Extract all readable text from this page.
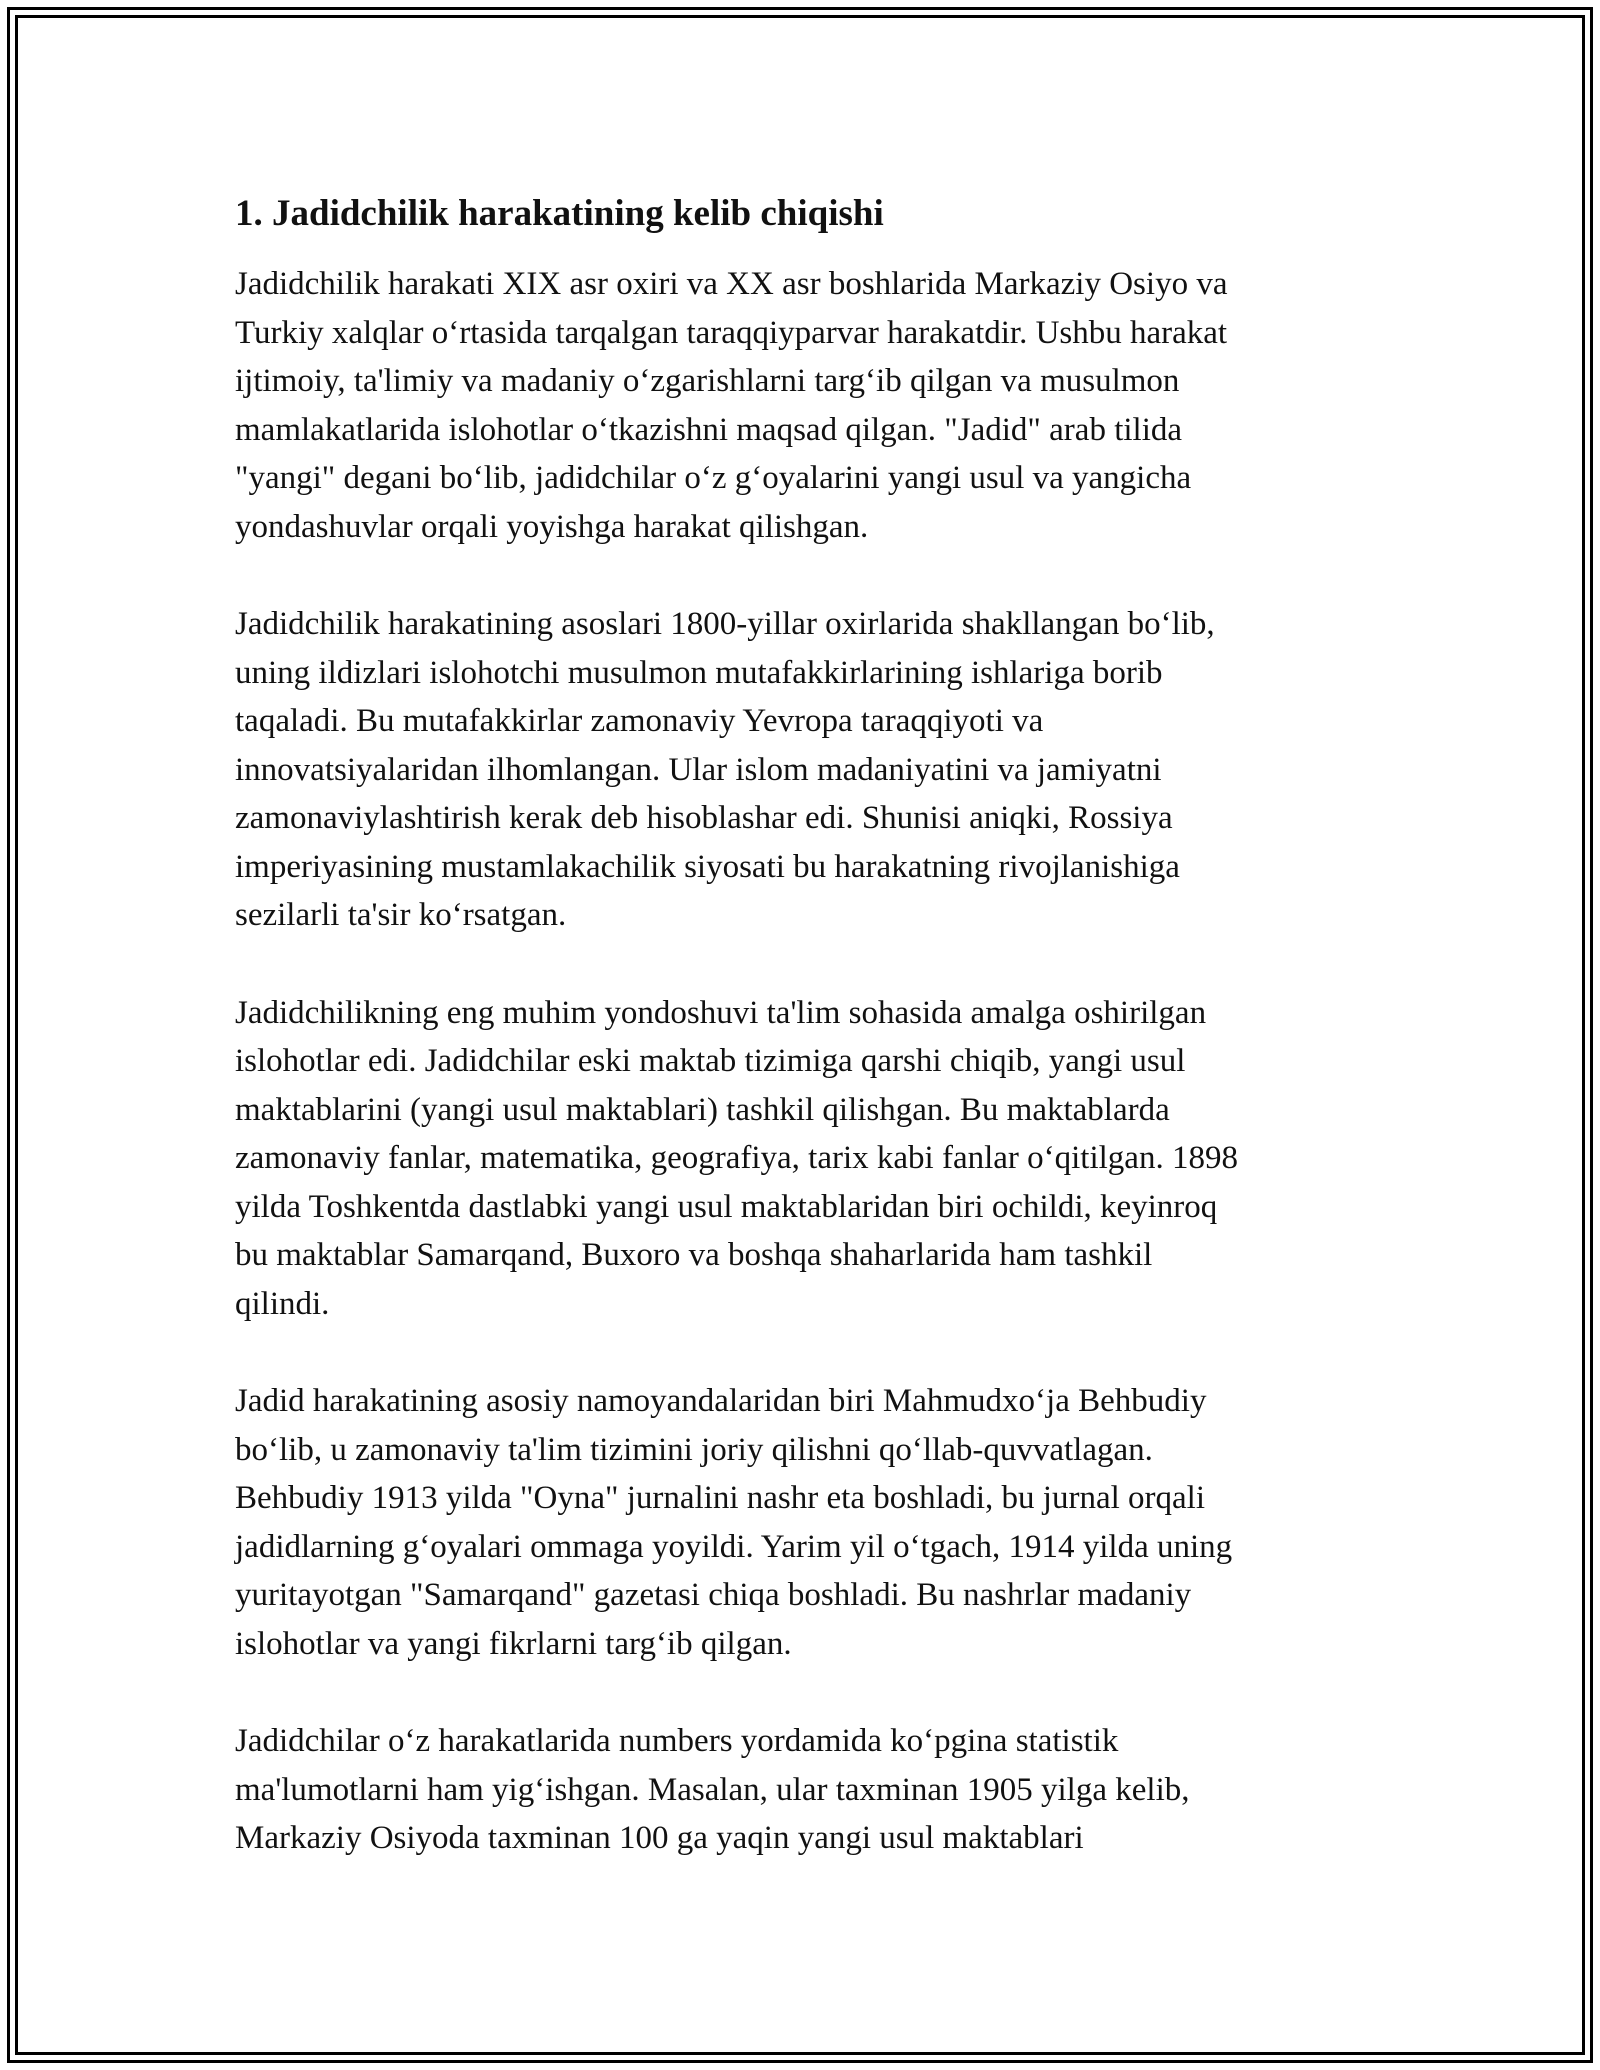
1. Jadidchilik harakatining kelib chiqishi

Jadidchilik harakati XIX asr oxiri va XX asr boshlarida Markaziy Osiyo va
Turkiy xalqlar o‘rtasida tarqalgan taraqqiyparvar harakatdir. Ushbu harakat
ijtimoiy, ta'limiy va madaniy o‘zgarishlarni targ‘ib qilgan va musulmon
mamlakatlarida islohotlar o‘tkazishni maqsad qilgan. "Jadid" arab tilida
"yangi" degani bo‘lib, jadidchilar o‘z g‘oyalarini yangi usul va yangicha
yondashuvlar orqali yoyishga harakat qilishgan.

Jadidchilik harakatining asoslari 1800-yillar oxirlarida shakllangan bo‘lib,
uning ildizlari islohotchi musulmon mutafakkirlarining ishlariga borib
taqaladi. Bu mutafakkirlar zamonaviy Yevropa taraqqiyoti va
innovatsiyalaridan ilhomlangan. Ular islom madaniyatini va jamiyatni
zamonaviylashtirish kerak deb hisoblashar edi. Shunisi aniqki, Rossiya
imperiyasining mustamlakachilik siyosati bu harakatning rivojlanishiga
sezilarli ta'sir ko‘rsatgan.

Jadidchilikning eng muhim yondoshuvi ta'lim sohasida amalga oshirilgan
islohotlar edi. Jadidchilar eski maktab tizimiga qarshi chiqib, yangi usul
maktablarini (yangi usul maktablari) tashkil qilishgan. Bu maktablarda
zamonaviy fanlar, matematika, geografiya, tarix kabi fanlar o‘qitilgan. 1898
yilda Toshkentda dastlabki yangi usul maktablaridan biri ochildi, keyinroq
bu maktablar Samarqand, Buxoro va boshqa shaharlarida ham tashkil
qilindi.

Jadid harakatining asosiy namoyandalaridan biri Mahmudxo‘ja Behbudiy
bo‘lib, u zamonaviy ta'lim tizimini joriy qilishni qo‘llab-quvvatlagan.
Behbudiy 1913 yilda "Oyna" jurnalini nashr eta boshladi, bu jurnal orqali
jadidlarning g‘oyalari ommaga yoyildi. Yarim yil o‘tgach, 1914 yilda uning
yuritayotgan "Samarqand" gazetasi chiqa boshladi. Bu nashrlar madaniy
islohotlar va yangi fikrlarni targ‘ib qilgan.

Jadidchilar o‘z harakatlarida numbers yordamida ko‘pgina statistik
ma'lumotlarni ham yig‘ishgan. Masalan, ular taxminan 1905 yilga kelib,
Markaziy Osiyoda taxminan 100 ga yaqin yangi usul maktablari
